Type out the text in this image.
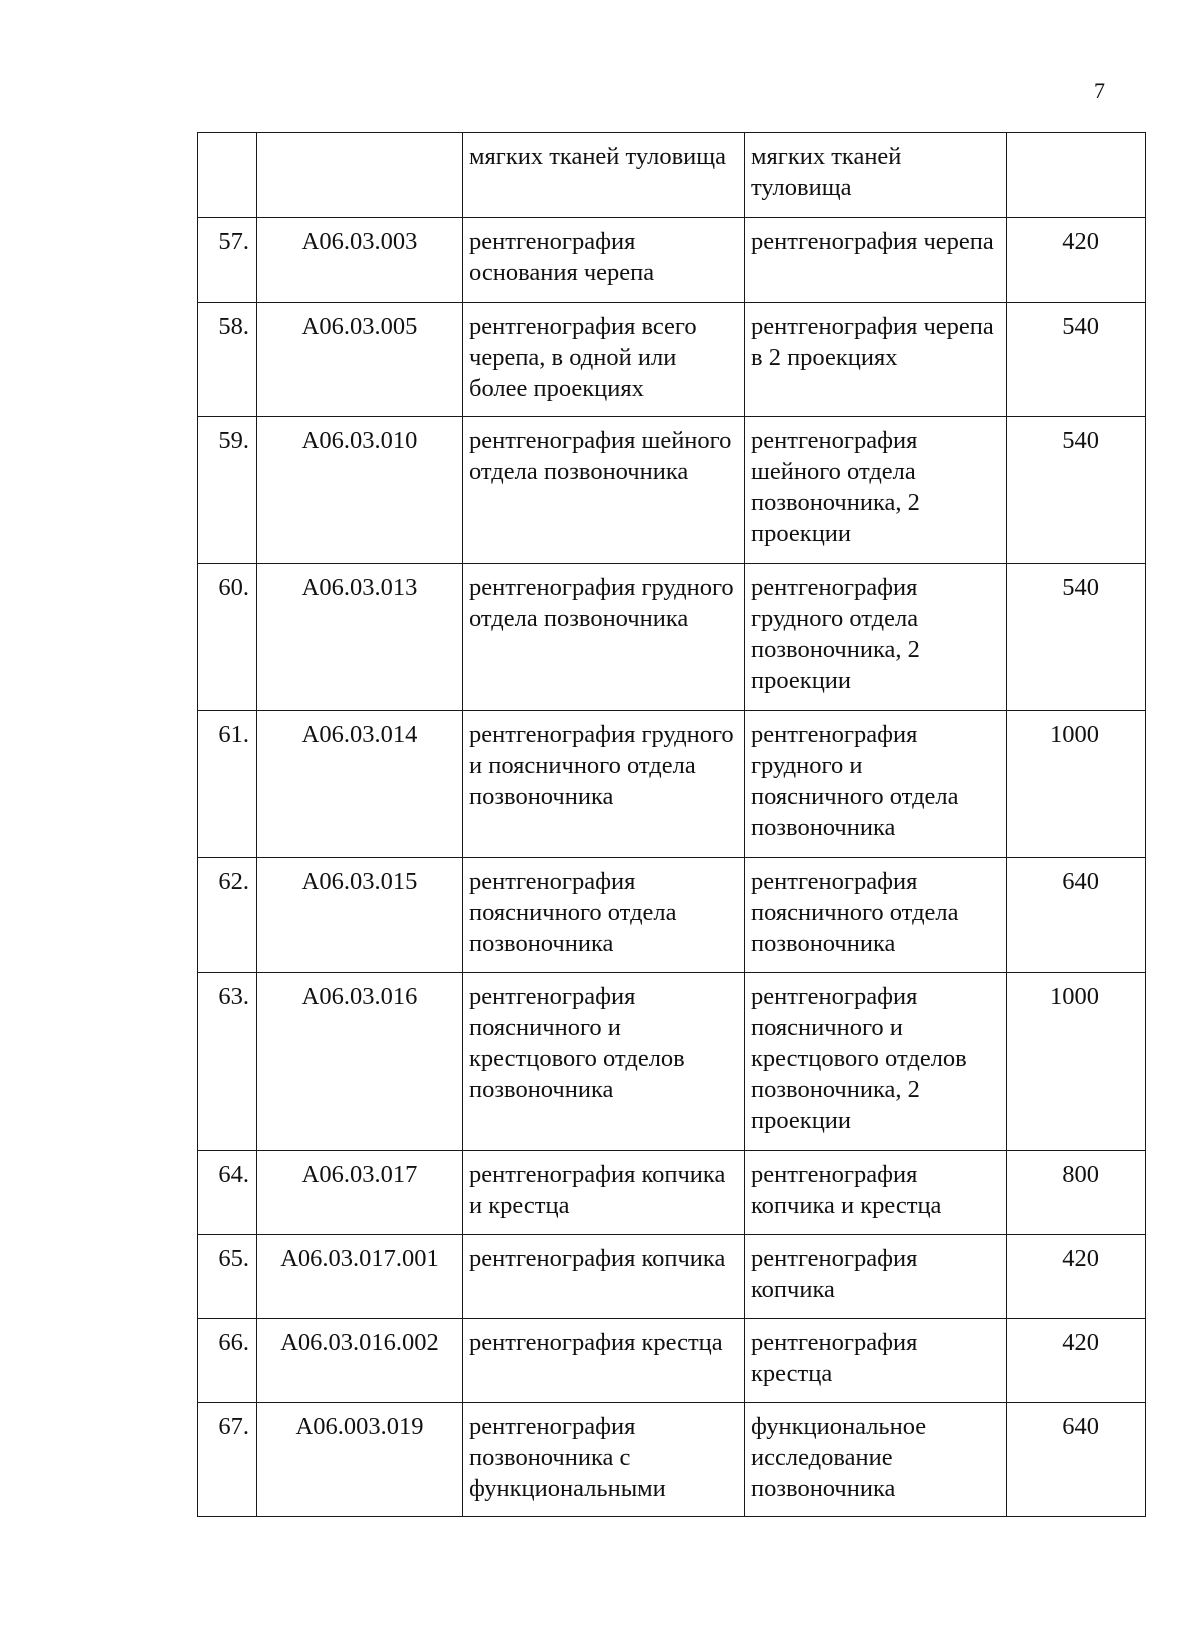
7

		мягких тканей туловища	мягких тканей туловища	

57.	А06.03.003	рентгенография основания черепа	рентгенография черепа	420

58.	А06.03.005	рентгенография всего черепа, в одной или более проекциях	рентгенография черепа в 2 проекциях	540

59.	А06.03.010	рентгенография шейного отдела позвоночника	рентгенография шейного отдела позвоночника, 2 проекции	540

60.	А06.03.013	рентгенография грудного отдела позвоночника	рентгенография грудного отдела позвоночника, 2 проекции	540

61.	А06.03.014	рентгенография грудного и поясничного отдела позвоночника	рентгенография грудного и поясничного отдела позвоночника	1000

62.	А06.03.015	рентгенография поясничного отдела позвоночника	рентгенография поясничного отдела позвоночника	640

63.	А06.03.016	рентгенография поясничного и крестцового отделов позвоночника	рентгенография поясничного и крестцового отделов позвоночника, 2 проекции	1000

64.	А06.03.017	рентгенография копчика и крестца	рентгенография копчика и крестца	800

65.	А06.03.017.001	рентгенография копчика	рентгенография копчика	420

66.	А06.03.016.002	рентгенография крестца	рентгенография крестца	420

67.	А06.003.019	рентгенография позвоночника с функциональными	функциональное исследование позвоночника	640
